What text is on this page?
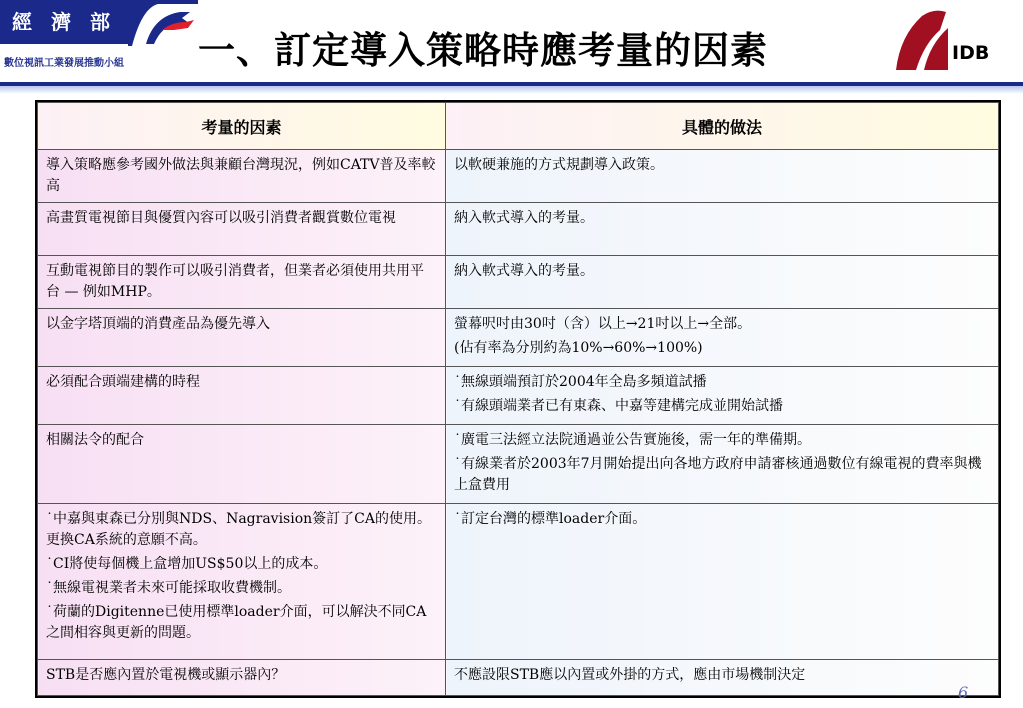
經 濟 部
數位視訊工業發展推動小組	一、訂定導入策略時應考量的因素	IDB
考量的因素	具體的做法

導入策略應參考國外做法與兼顧台灣現況，例如CATV普及率較高	以軟硬兼施的方式規劃導入政策。

高畫質電視節目與優質內容可以吸引消費者觀賞數位電視	納入軟式導入的考量。

互動電視節目的製作可以吸引消費者，但業者必須使用共用平台 — 例如MHP。	納入軟式導入的考量。

以金字塔頂端的消費產品為優先導入	螢幕呎吋由30吋（含）以上→21吋以上→全部。
(佔有率為分別約為10%→60%→100%)

必須配合頭端建構的時程	˙無線頭端預訂於2004年全島多頻道試播
˙有線頭端業者已有東森、中嘉等建構完成並開始試播

相關法令的配合	˙廣電三法經立法院通過並公告實施後，需一年的準備期。
˙有線業者於2003年7月開始提出向各地方政府申請審核通過數位有線電視的費率與機上盒費用

˙中嘉與東森已分別與NDS、Nagravision簽訂了CA的使用。更換CA系統的意願不高。
˙CI將使每個機上盒增加US$50以上的成本。
˙無線電視業者未來可能採取收費機制。
˙荷蘭的Digitenne已使用標準loader介面，可以解決不同CA之間相容與更新的問題。	˙訂定台灣的標準loader介面。

STB是否應內置於電視機或顯示器內？	不應設限STB應以內置或外掛的方式，應由市場機制決定
6
